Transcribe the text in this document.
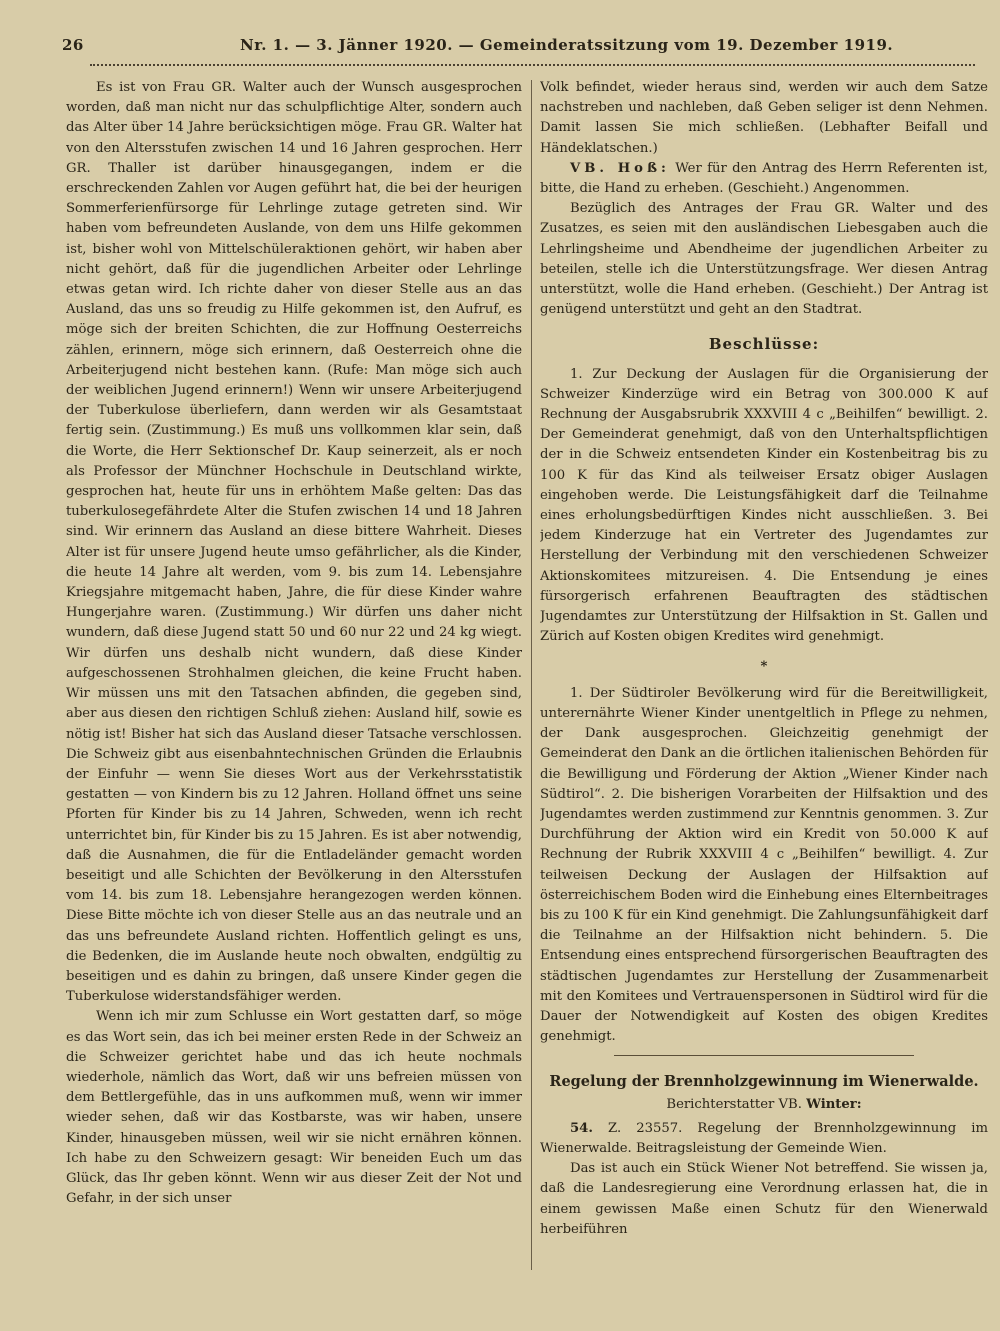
26	Nr. 1. — 3. Jänner 1920. — Gemeinderatssitzung vom 19. Dezember 1919.

Es ist von Frau GR. Walter auch der Wunsch ausgesprochen worden, daß man nicht nur das schulpflichtige Alter, sondern auch das Alter über 14 Jahre berücksichtigen möge. Frau GR. Walter hat von den Altersstufen zwischen 14 und 16 Jahren gesprochen. Herr GR. Thaller ist darüber hinausgegangen, indem er die erschreckenden Zahlen vor Augen geführt hat, die bei der heurigen Sommerferienfürsorge für Lehrlinge zutage getreten sind. Wir haben vom befreundeten Auslande, von dem uns Hilfe gekommen ist, bisher wohl von Mittelschüleraktionen gehört, wir haben aber nicht gehört, daß für die jugendlichen Arbeiter oder Lehrlinge etwas getan wird. Ich richte daher von dieser Stelle aus an das Ausland, das uns so freudig zu Hilfe gekommen ist, den Aufruf, es möge sich der breiten Schichten, die zur Hoffnung Oesterreichs zählen, erinnern, möge sich erinnern, daß Oesterreich ohne die Arbeiterjugend nicht bestehen kann. (Rufe: Man möge sich auch der weiblichen Jugend erinnern!) Wenn wir unsere Arbeiterjugend der Tuberkulose überliefern, dann werden wir als Gesamtstaat fertig sein. (Zustimmung.) Es muß uns vollkommen klar sein, daß die Worte, die Herr Sektionschef Dr. Kaup seinerzeit, als er noch als Professor der Münchner Hochschule in Deutschland wirkte, gesprochen hat, heute für uns in erhöhtem Maße gelten: Das das tuberkulosegefährdete Alter die Stufen zwischen 14 und 18 Jahren sind. Wir erinnern das Ausland an diese bittere Wahrheit. Dieses Alter ist für unsere Jugend heute umso gefährlicher, als die Kinder, die heute 14 Jahre alt werden, vom 9. bis zum 14. Lebensjahre Kriegsjahre mitgemacht haben, Jahre, die für diese Kinder wahre Hungerjahre waren. (Zustimmung.) Wir dürfen uns daher nicht wundern, daß diese Jugend statt 50 und 60 nur 22 und 24 kg wiegt. Wir dürfen uns deshalb nicht wundern, daß diese Kinder aufgeschossenen Strohhalmen gleichen, die keine Frucht haben. Wir müssen uns mit den Tatsachen abfinden, die gegeben sind, aber aus diesen den richtigen Schluß ziehen: Ausland hilf, sowie es nötig ist! Bisher hat sich das Ausland dieser Tatsache verschlossen. Die Schweiz gibt aus eisenbahntechnischen Gründen die Erlaubnis der Einfuhr — wenn Sie dieses Wort aus der Verkehrsstatistik gestatten — von Kindern bis zu 12 Jahren. Holland öffnet uns seine Pforten für Kinder bis zu 14 Jahren, Schweden, wenn ich recht unterrichtet bin, für Kinder bis zu 15 Jahren. Es ist aber notwendig, daß die Ausnahmen, die für die Entladeländer gemacht worden beseitigt und alle Schichten der Bevölkerung in den Altersstufen vom 14. bis zum 18. Lebensjahre herangezogen werden können. Diese Bitte möchte ich von dieser Stelle aus an das neutrale und an das uns befreundete Ausland richten. Hoffentlich gelingt es uns, die Bedenken, die im Auslande heute noch obwalten, endgültig zu beseitigen und es dahin zu bringen, daß unsere Kinder gegen die Tuberkulose widerstandsfähiger werden.

Wenn ich mir zum Schlusse ein Wort gestatten darf, so möge es das Wort sein, das ich bei meiner ersten Rede in der Schweiz an die Schweizer gerichtet habe und das ich heute nochmals wiederhole, nämlich das Wort, daß wir uns befreien müssen von dem Bettlergefühle, das in uns aufkommen muß, wenn wir immer wieder sehen, daß wir das Kostbarste, was wir haben, unsere Kinder, hinausgeben müssen, weil wir sie nicht ernähren können. Ich habe zu den Schweizern gesagt: Wir beneiden Euch um das Glück, das Ihr geben könnt. Wenn wir aus dieser Zeit der Not und Gefahr, in der sich unser

Volk befindet, wieder heraus sind, werden wir auch dem Satze nachstreben und nachleben, daß Geben seliger ist denn Nehmen. Damit lassen Sie mich schließen. (Lebhafter Beifall und Händeklatschen.)

VB. Hoß: Wer für den Antrag des Herrn Referenten ist, bitte, die Hand zu erheben. (Geschieht.) Angenommen.

Bezüglich des Antrages der Frau GR. Walter und des Zusatzes, es seien mit den ausländischen Liebesgaben auch die Lehrlingsheime und Abendheime der jugendlichen Arbeiter zu beteilen, stelle ich die Unterstützungsfrage. Wer diesen Antrag unterstützt, wolle die Hand erheben. (Geschieht.) Der Antrag ist genügend unterstützt und geht an den Stadtrat.

Beschlüsse:

1. Zur Deckung der Auslagen für die Organisierung der Schweizer Kinderzüge wird ein Betrag von 300.000 K auf Rechnung der Ausgabsrubrik XXXVIII 4 c „Beihilfen“ bewilligt. 2. Der Gemeinderat genehmigt, daß von den Unterhaltspflichtigen der in die Schweiz entsendeten Kinder ein Kostenbeitrag bis zu 100 K für das Kind als teilweiser Ersatz obiger Auslagen eingehoben werde. Die Leistungsfähigkeit darf die Teilnahme eines erholungsbedürftigen Kindes nicht ausschließen. 3. Bei jedem Kinderzuge hat ein Vertreter des Jugendamtes zur Herstellung der Verbindung mit den verschiedenen Schweizer Aktionskomitees mitzureisen. 4. Die Entsendung je eines fürsorgerisch erfahrenen Beauftragten des städtischen Jugendamtes zur Unterstützung der Hilfsaktion in St. Gallen und Zürich auf Kosten obigen Kredites wird genehmigt.

*

1. Der Südtiroler Bevölkerung wird für die Bereitwilligkeit, unterernährte Wiener Kinder unentgeltlich in Pflege zu nehmen, der Dank ausgesprochen. Gleichzeitig genehmigt der Gemeinderat den Dank an die örtlichen italienischen Behörden für die Bewilligung und Förderung der Aktion „Wiener Kinder nach Südtirol“. 2. Die bisherigen Vorarbeiten der Hilfsaktion und des Jugendamtes werden zustimmend zur Kenntnis genommen. 3. Zur Durchführung der Aktion wird ein Kredit von 50.000 K auf Rechnung der Rubrik XXXVIII 4 c „Beihilfen“ bewilligt. 4. Zur teilweisen Deckung der Auslagen der Hilfsaktion auf österreichischem Boden wird die Einhebung eines Elternbeitrages bis zu 100 K für ein Kind genehmigt. Die Zahlungsunfähigkeit darf die Teilnahme an der Hilfsaktion nicht behindern. 5. Die Entsendung eines entsprechend fürsorgerischen Beauftragten des städtischen Jugendamtes zur Herstellung der Zusammenarbeit mit den Komitees und Vertrauenspersonen in Südtirol wird für die Dauer der Notwendigkeit auf Kosten des obigen Kredites genehmigt.

Regelung der Brennholzgewinnung im Wienerwalde.
Berichterstatter VB. Winter:

54. Z. 23557. Regelung der Brennholzgewinnung im Wienerwalde. Beitragsleistung der Gemeinde Wien.

Das ist auch ein Stück Wiener Not betreffend. Sie wissen ja, daß die Landesregierung eine Verordnung erlassen hat, die in einem gewissen Maße einen Schutz für den Wienerwald herbeiführen
